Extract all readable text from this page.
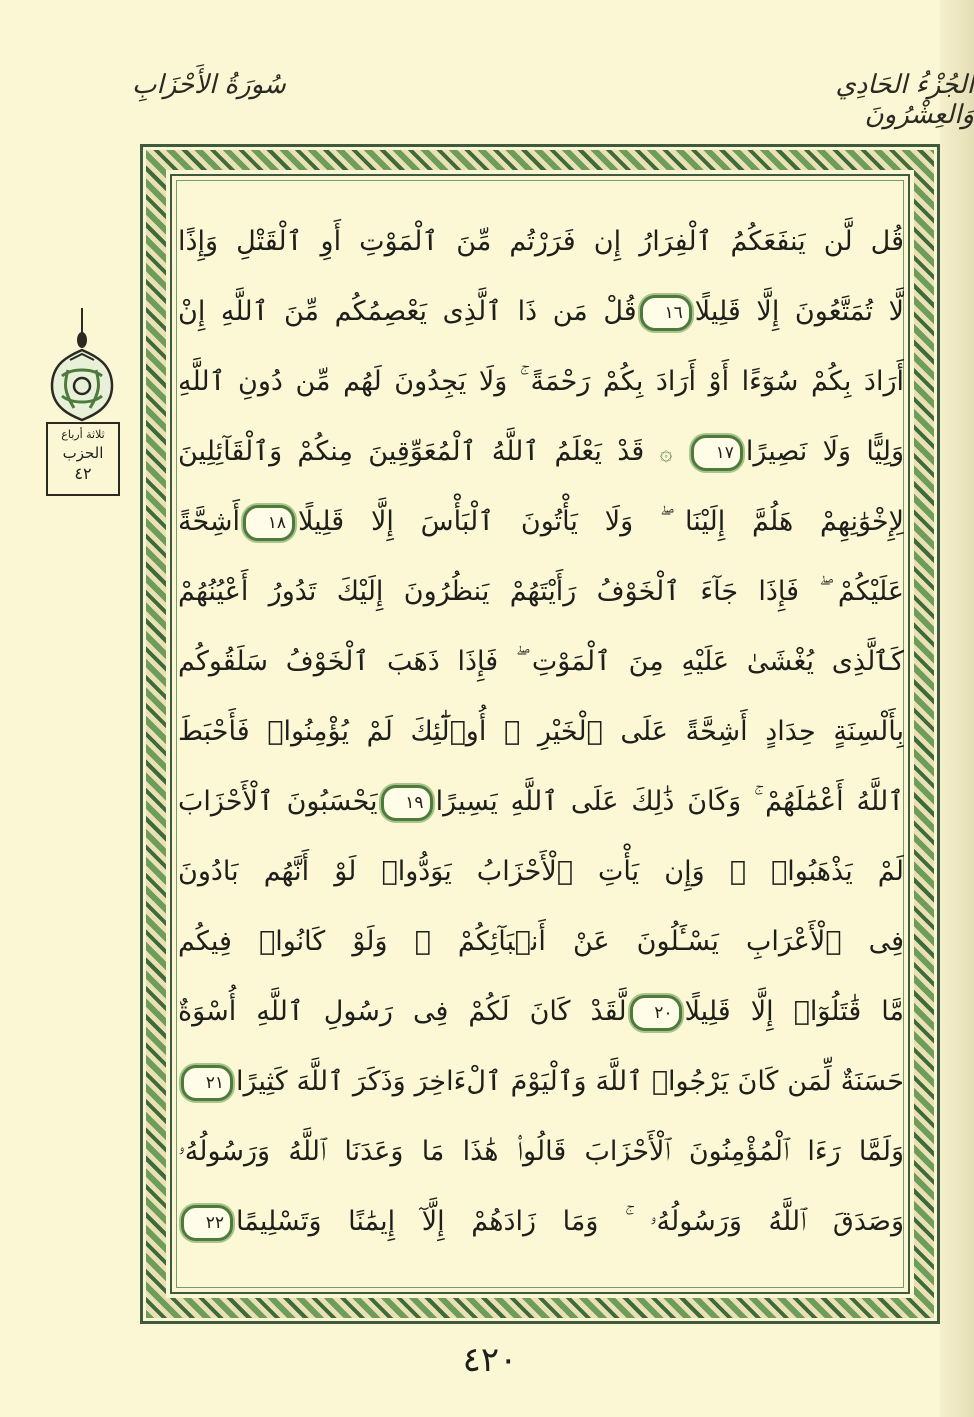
سُورَةُ الأَحْزَابِ	الجُزْءُ الحَادِي وَالعِشْرُونَ
ثلاثة أرباع
الحزب
٤٢
قُل لَّن يَنفَعَكُمُ ٱلْفِرَارُ إِن فَرَرْتُم مِّنَ ٱلْمَوْتِ أَوِ ٱلْقَتْلِ وَإِذًا
لَّا تُمَتَّعُونَ إِلَّا قَلِيلًا١٦قُلْ مَن ذَا ٱلَّذِى يَعْصِمُكُم مِّنَ ٱللَّهِ إِنْ
أَرَادَ بِكُمْ سُوٓءًا أَوْ أَرَادَ بِكُمْ رَحْمَةً ۚ وَلَا يَجِدُونَ لَهُم مِّن دُونِ ٱللَّهِ
وَلِيًّا وَلَا نَصِيرًا١٧ ۞ قَدْ يَعْلَمُ ٱللَّهُ ٱلْمُعَوِّقِينَ مِنكُمْ وَٱلْقَآئِلِينَ
لِإِخْوَٰنِهِمْ هَلُمَّ إِلَيْنَا ۖ وَلَا يَأْتُونَ ٱلْبَأْسَ إِلَّا قَلِيلًا١٨أَشِحَّةً
عَلَيْكُمْ ۖ فَإِذَا جَآءَ ٱلْخَوْفُ رَأَيْتَهُمْ يَنظُرُونَ إِلَيْكَ تَدُورُ أَعْيُنُهُمْ
كَٱلَّذِى يُغْشَىٰ عَلَيْهِ مِنَ ٱلْمَوْتِ ۖ فَإِذَا ذَهَبَ ٱلْخَوْفُ سَلَقُوكُم
بِأَلْسِنَةٍ حِدَادٍ أَشِحَّةً عَلَى ٱلْخَيْرِ ۚ أُو۟لَٰٓئِكَ لَمْ يُؤْمِنُوا۟ فَأَحْبَطَ
ٱللَّهُ أَعْمَٰلَهُمْ ۚ وَكَانَ ذَٰلِكَ عَلَى ٱللَّهِ يَسِيرًا١٩يَحْسَبُونَ ٱلْأَحْزَابَ
لَمْ يَذْهَبُوا۟ ۖ وَإِن يَأْتِ ٱلْأَحْزَابُ يَوَدُّوا۟ لَوْ أَنَّهُم بَادُونَ
فِى ٱلْأَعْرَابِ يَسْـَٔلُونَ عَنْ أَنۢبَآئِكُمْ ۖ وَلَوْ كَانُوا۟ فِيكُم
مَّا قَٰتَلُوٓا۟ إِلَّا قَلِيلًا٢٠لَّقَدْ كَانَ لَكُمْ فِى رَسُولِ ٱللَّهِ أُسْوَةٌ
حَسَنَةٌ لِّمَن كَانَ يَرْجُوا۟ ٱللَّهَ وَٱلْيَوْمَ ٱلْءَاخِرَ وَذَكَرَ ٱللَّهَ كَثِيرًا٢١
وَلَمَّا رَءَا ٱلْمُؤْمِنُونَ ٱلْأَحْزَابَ قَالُوا۟ هَٰذَا مَا وَعَدَنَا ٱللَّهُ وَرَسُولُهُۥ
وَصَدَقَ ٱللَّهُ وَرَسُولُهُۥ ۚ وَمَا زَادَهُمْ إِلَّآ إِيمَٰنًا وَتَسْلِيمًا٢٢
٤٢٠
